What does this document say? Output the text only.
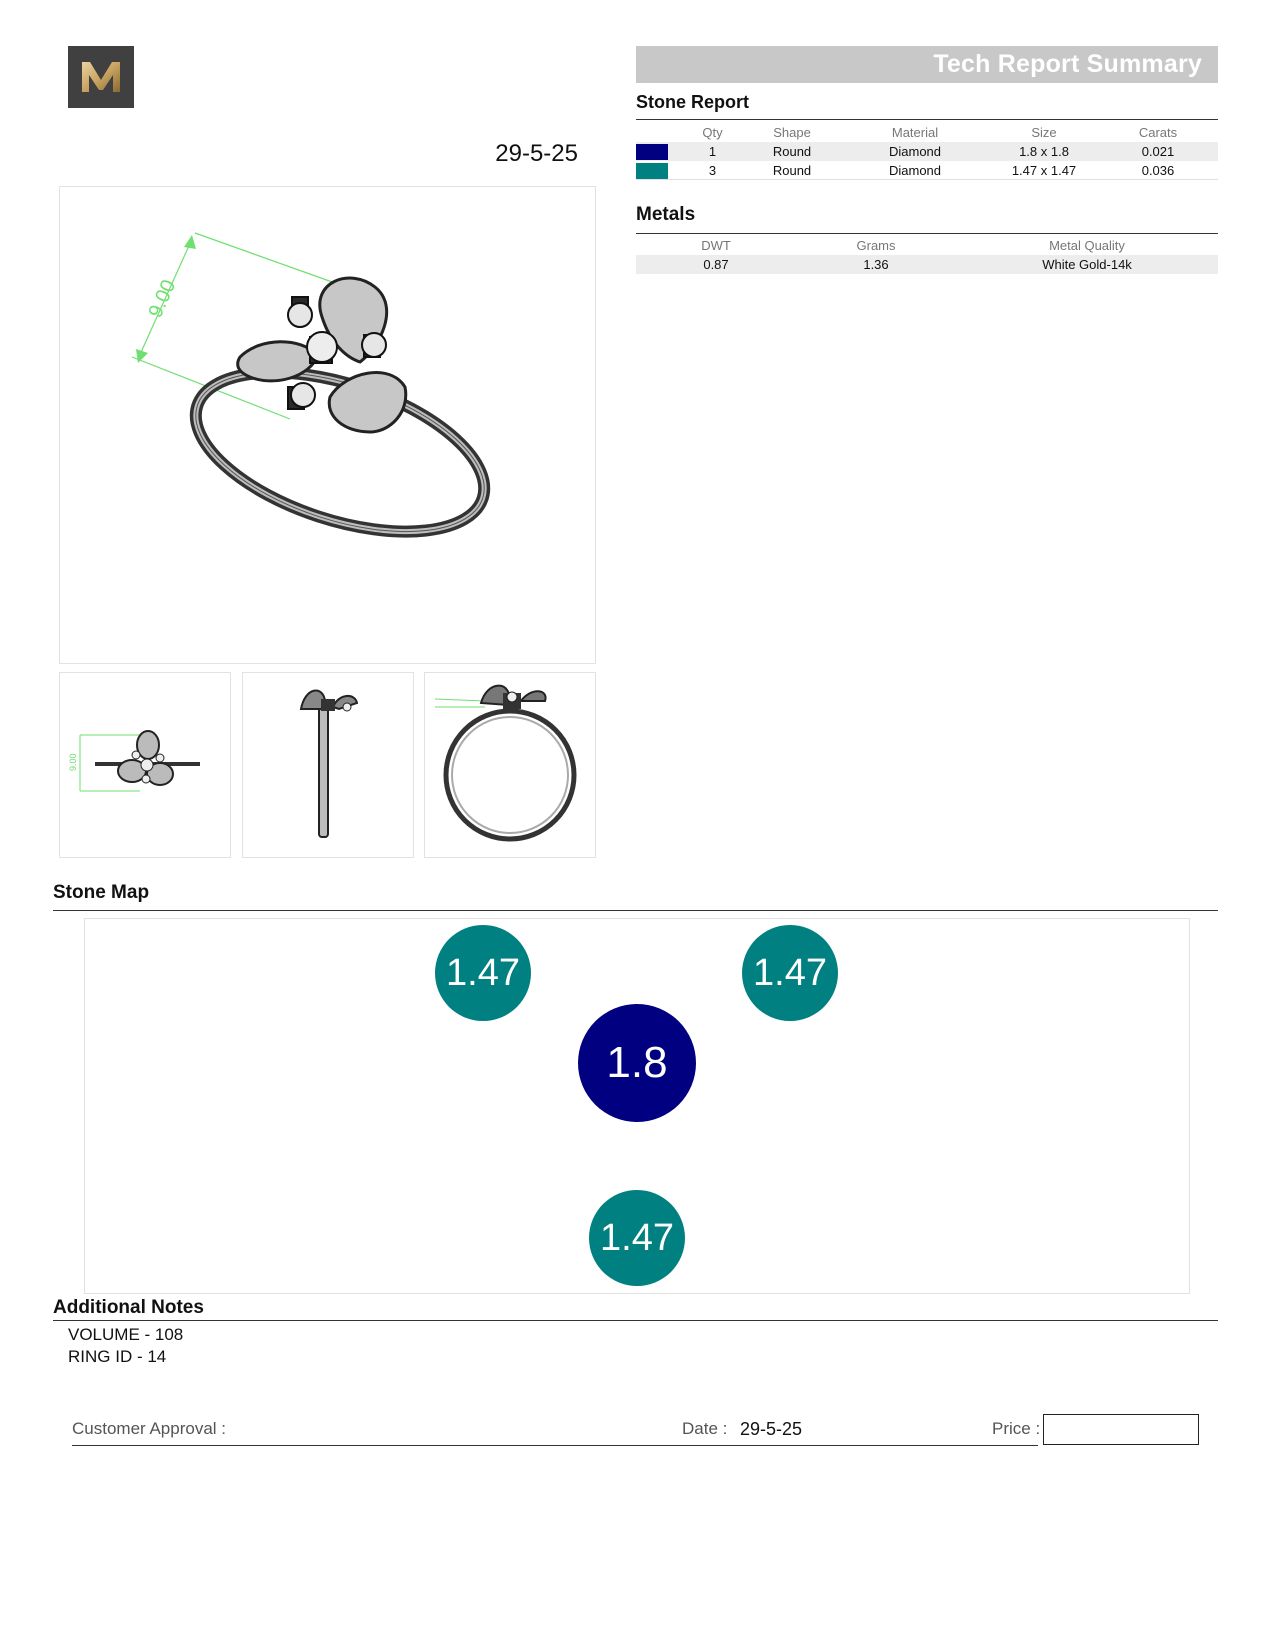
29-5-25
9.00
9.00
Tech Report Summary
Stone Report
	Qty	Shape	Material	Size	Carats

	1	Round	Diamond	1.8 x 1.8	0.021

	3	Round	Diamond	1.47 x 1.47	0.036
Metals
DWT	Grams	Metal Quality
0.87	1.36	White Gold-14k
Stone Map
1.47	1.47
1.8
1.47
Additional Notes
VOLUME - 108
RING ID - 14
Customer Approval :	Date : 29-5-25	Price :
